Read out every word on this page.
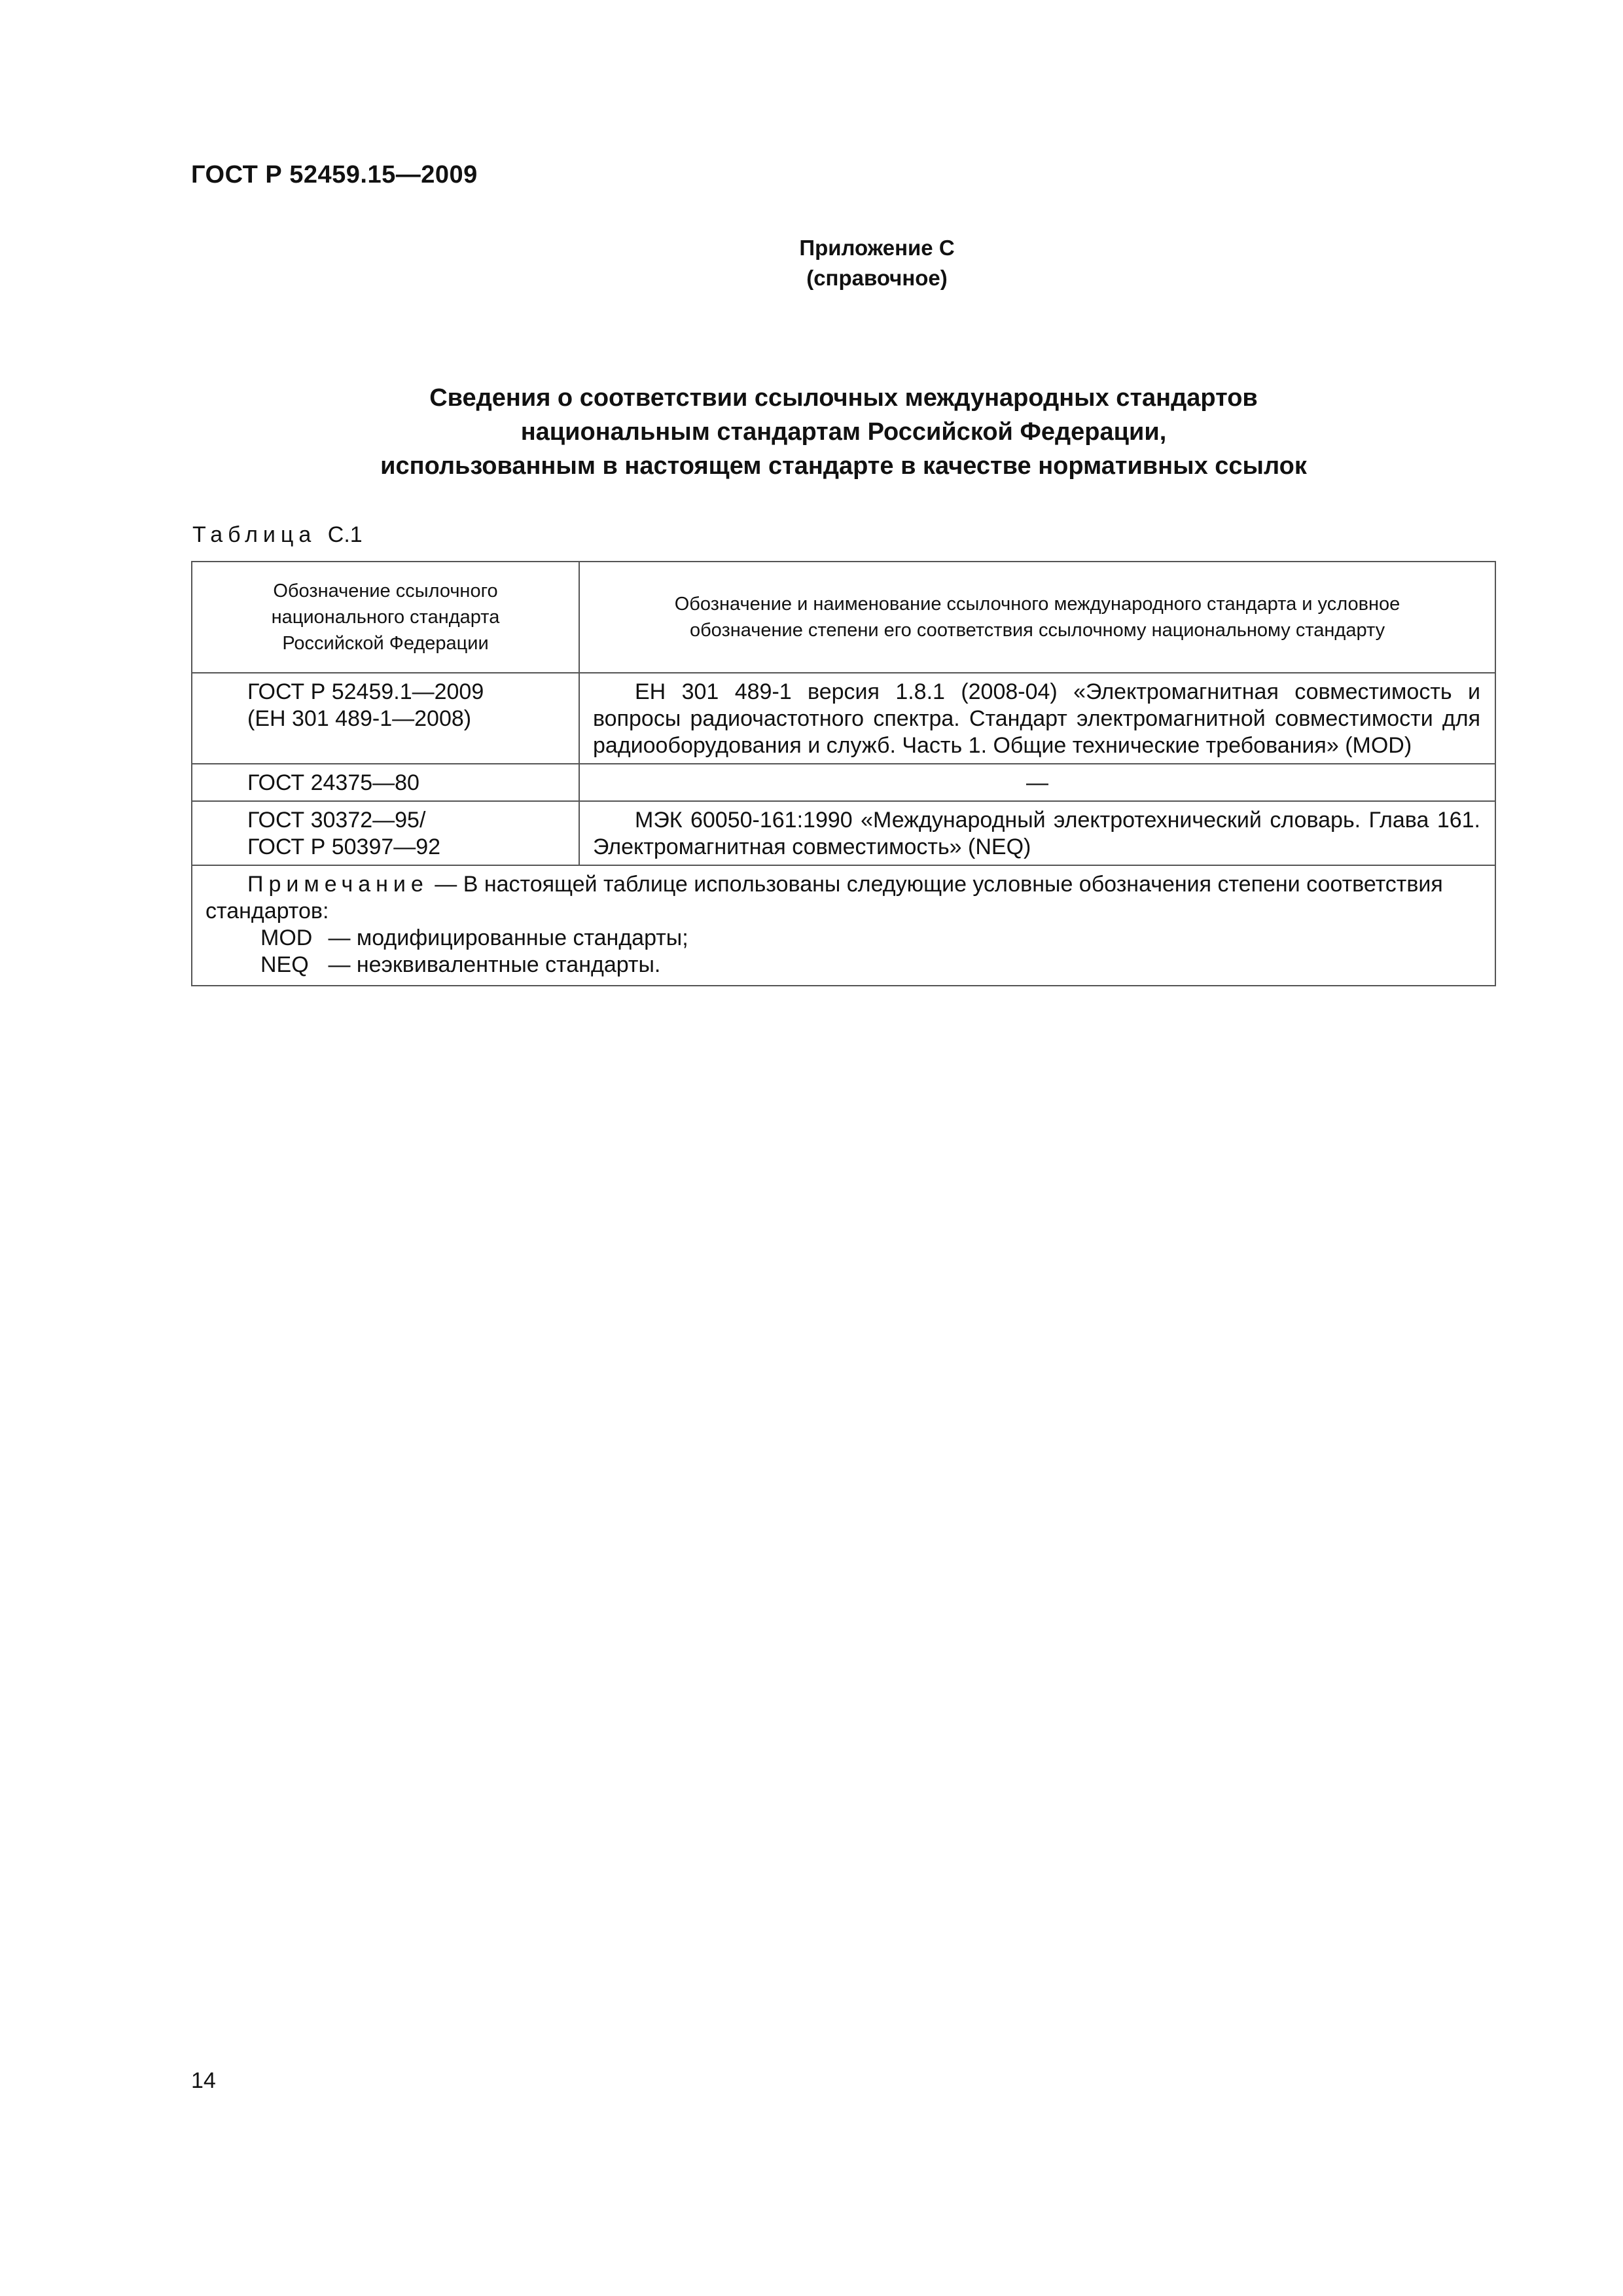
ГОСТ Р 52459.15—2009
Приложение С
(справочное)
Сведения о соответствии ссылочных международных стандартов
национальным стандартам Российской Федерации,
использованным в настоящем стандарте в качестве нормативных ссылок
Таблица С.1
Обозначение ссылочного
национального стандарта
Российской Федерации	Обозначение и наименование ссылочного международного стандарта и условное
обозначение степени его соответствия ссылочному национальному стандарту

ГОСТ Р 52459.1—2009
(ЕН 301 489-1—2008)	ЕН 301 489-1 версия 1.8.1 (2008-04) «Электромагнитная совместимость и вопросы радиочастотного спектра. Стандарт электромагнитной совместимости для радиооборудования и служб. Часть 1. Общие технические требования» (MOD)

ГОСТ 24375—80	—

ГОСТ 30372—95/
ГОСТ Р 50397—92	МЭК 60050-161:1990 «Международный электротехнический словарь. Глава 161. Электромагнитная совместимость» (NEQ)

Примечание — В настоящей таблице использованы следующие условные обозначения степени соответствия стандартов:
MOD — модифицированные стандарты;
NEQ — неэквивалентные стандарты.	
14
